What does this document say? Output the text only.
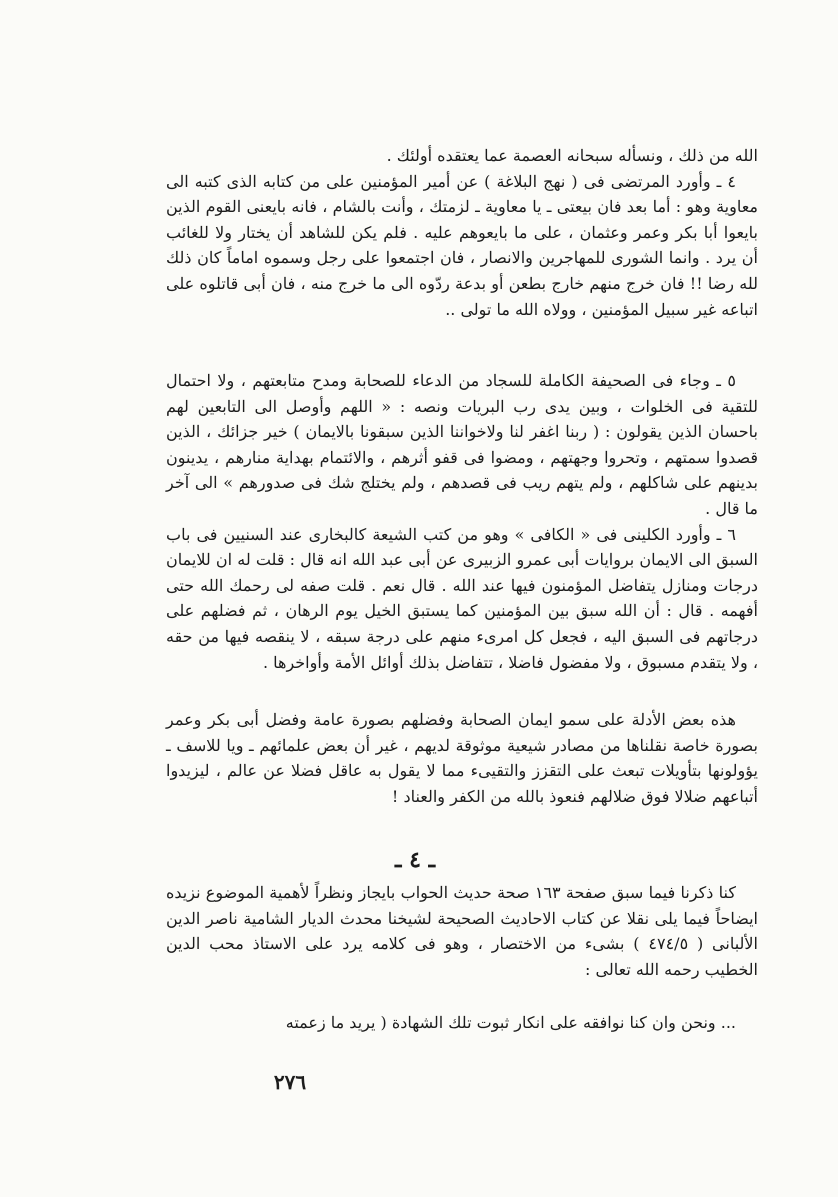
الله من ذلك ، ونسأله سبحانه العصمة عما يعتقده أولئك .

٤ ـ وأورد المرتضى فى ( نهج البلاغة ) عن أمير المؤمنين على من كتابه الذى كتبه الى معاوية وهو : أما بعد فان بيعتى ـ يا معاوية ـ لزمتك ، وأنت بالشام ، فانه بايعنى القوم الذين بايعوا أبا بكر وعمر وعثمان ، على ما بايعوهم عليه . فلم يكن للشاهد أن يختار ولا للغائب أن يرد . وانما الشورى للمهاجرين والانصار ، فان اجتمعوا على رجل وسموه اماماً كان ذلك لله رضا !! فان خرج منهم خارج بطعن أو بدعة ردّوه الى ما خرج منه ، فان أبى قاتلوه على اتباعه غير سبيل المؤمنين ، وولاه الله ما تولى ..

٥ ـ وجاء فى الصحيفة الكاملة للسجاد من الدعاء للصحابة ومدح متابعتهم ، ولا احتمال للتقية فى الخلوات ، وبين يدى رب البريات ونصه : « اللهم وأوصل الى التابعين لهم باحسان الذين يقولون : ( ربنا اغفر لنا ولاخواننا الذين سبقونا بالايمان ) خير جزائك ، الذين قصدوا سمتهم ، وتحروا وجهتهم ، ومضوا فى قفو أثرهم ، والائتمام بهداية منارهم ، يدينون بدينهم على شاكلهم ، ولم يتهم ريب فى قصدهم ، ولم يختلج شك فى صدورهم » الى آخر ما قال .

٦ ـ وأورد الكلينى فى « الكافى » وهو من كتب الشيعة كالبخارى عند السنيين فى باب السبق الى الايمان بروايات أبى عمرو الزبيرى عن أبى عبد الله انه قال : قلت له ان للايمان درجات ومنازل يتفاضل المؤمنون فيها عند الله . قال نعم . قلت صفه لى رحمك الله حتى أفهمه . قال : أن الله سبق بين المؤمنين كما يستبق الخيل يوم الرهان ، ثم فضلهم على درجاتهم فى السبق اليه ، فجعل كل امرىء منهم على درجة سبقه ، لا ينقصه فيها من حقه ، ولا يتقدم مسبوق ، ولا مفضول فاضلا ، تتفاضل بذلك أوائل الأمة وأواخرها .

هذه بعض الأدلة على سمو ايمان الصحابة وفضلهم بصورة عامة وفضل أبى بكر وعمر بصورة خاصة نقلناها من مصادر شيعية موثوقة لديهم ، غير أن بعض علمائهم ـ ويا للاسف ـ يؤولونها بتأويلات تبعث على التقزز والتقيىء مما لا يقول به عاقل فضلا عن عالم ، ليزيدوا أتباعهم ضلالا فوق ضلالهم فنعوذ بالله من الكفر والعناد !

ـ ٤ ـ

كنا ذكرنا فيما سبق صفحة ١٦٣ صحة حديث الحواب بايجاز ونظراً لأهمية الموضوع نزيده ايضاحاً فيما يلى نقلا عن كتاب الاحاديث الصحيحة لشيخنا محدث الديار الشامية ناصر الدين الألبانى ( ٤٧٤/٥ ) بشىء من الاختصار ، وهو فى كلامه يرد على الاستاذ محب الدين الخطيب رحمه الله تعالى :

... ونحن وان كنا نوافقه على انكار ثبوت تلك الشهادة ( يريد ما زعمته

٢٧٦
